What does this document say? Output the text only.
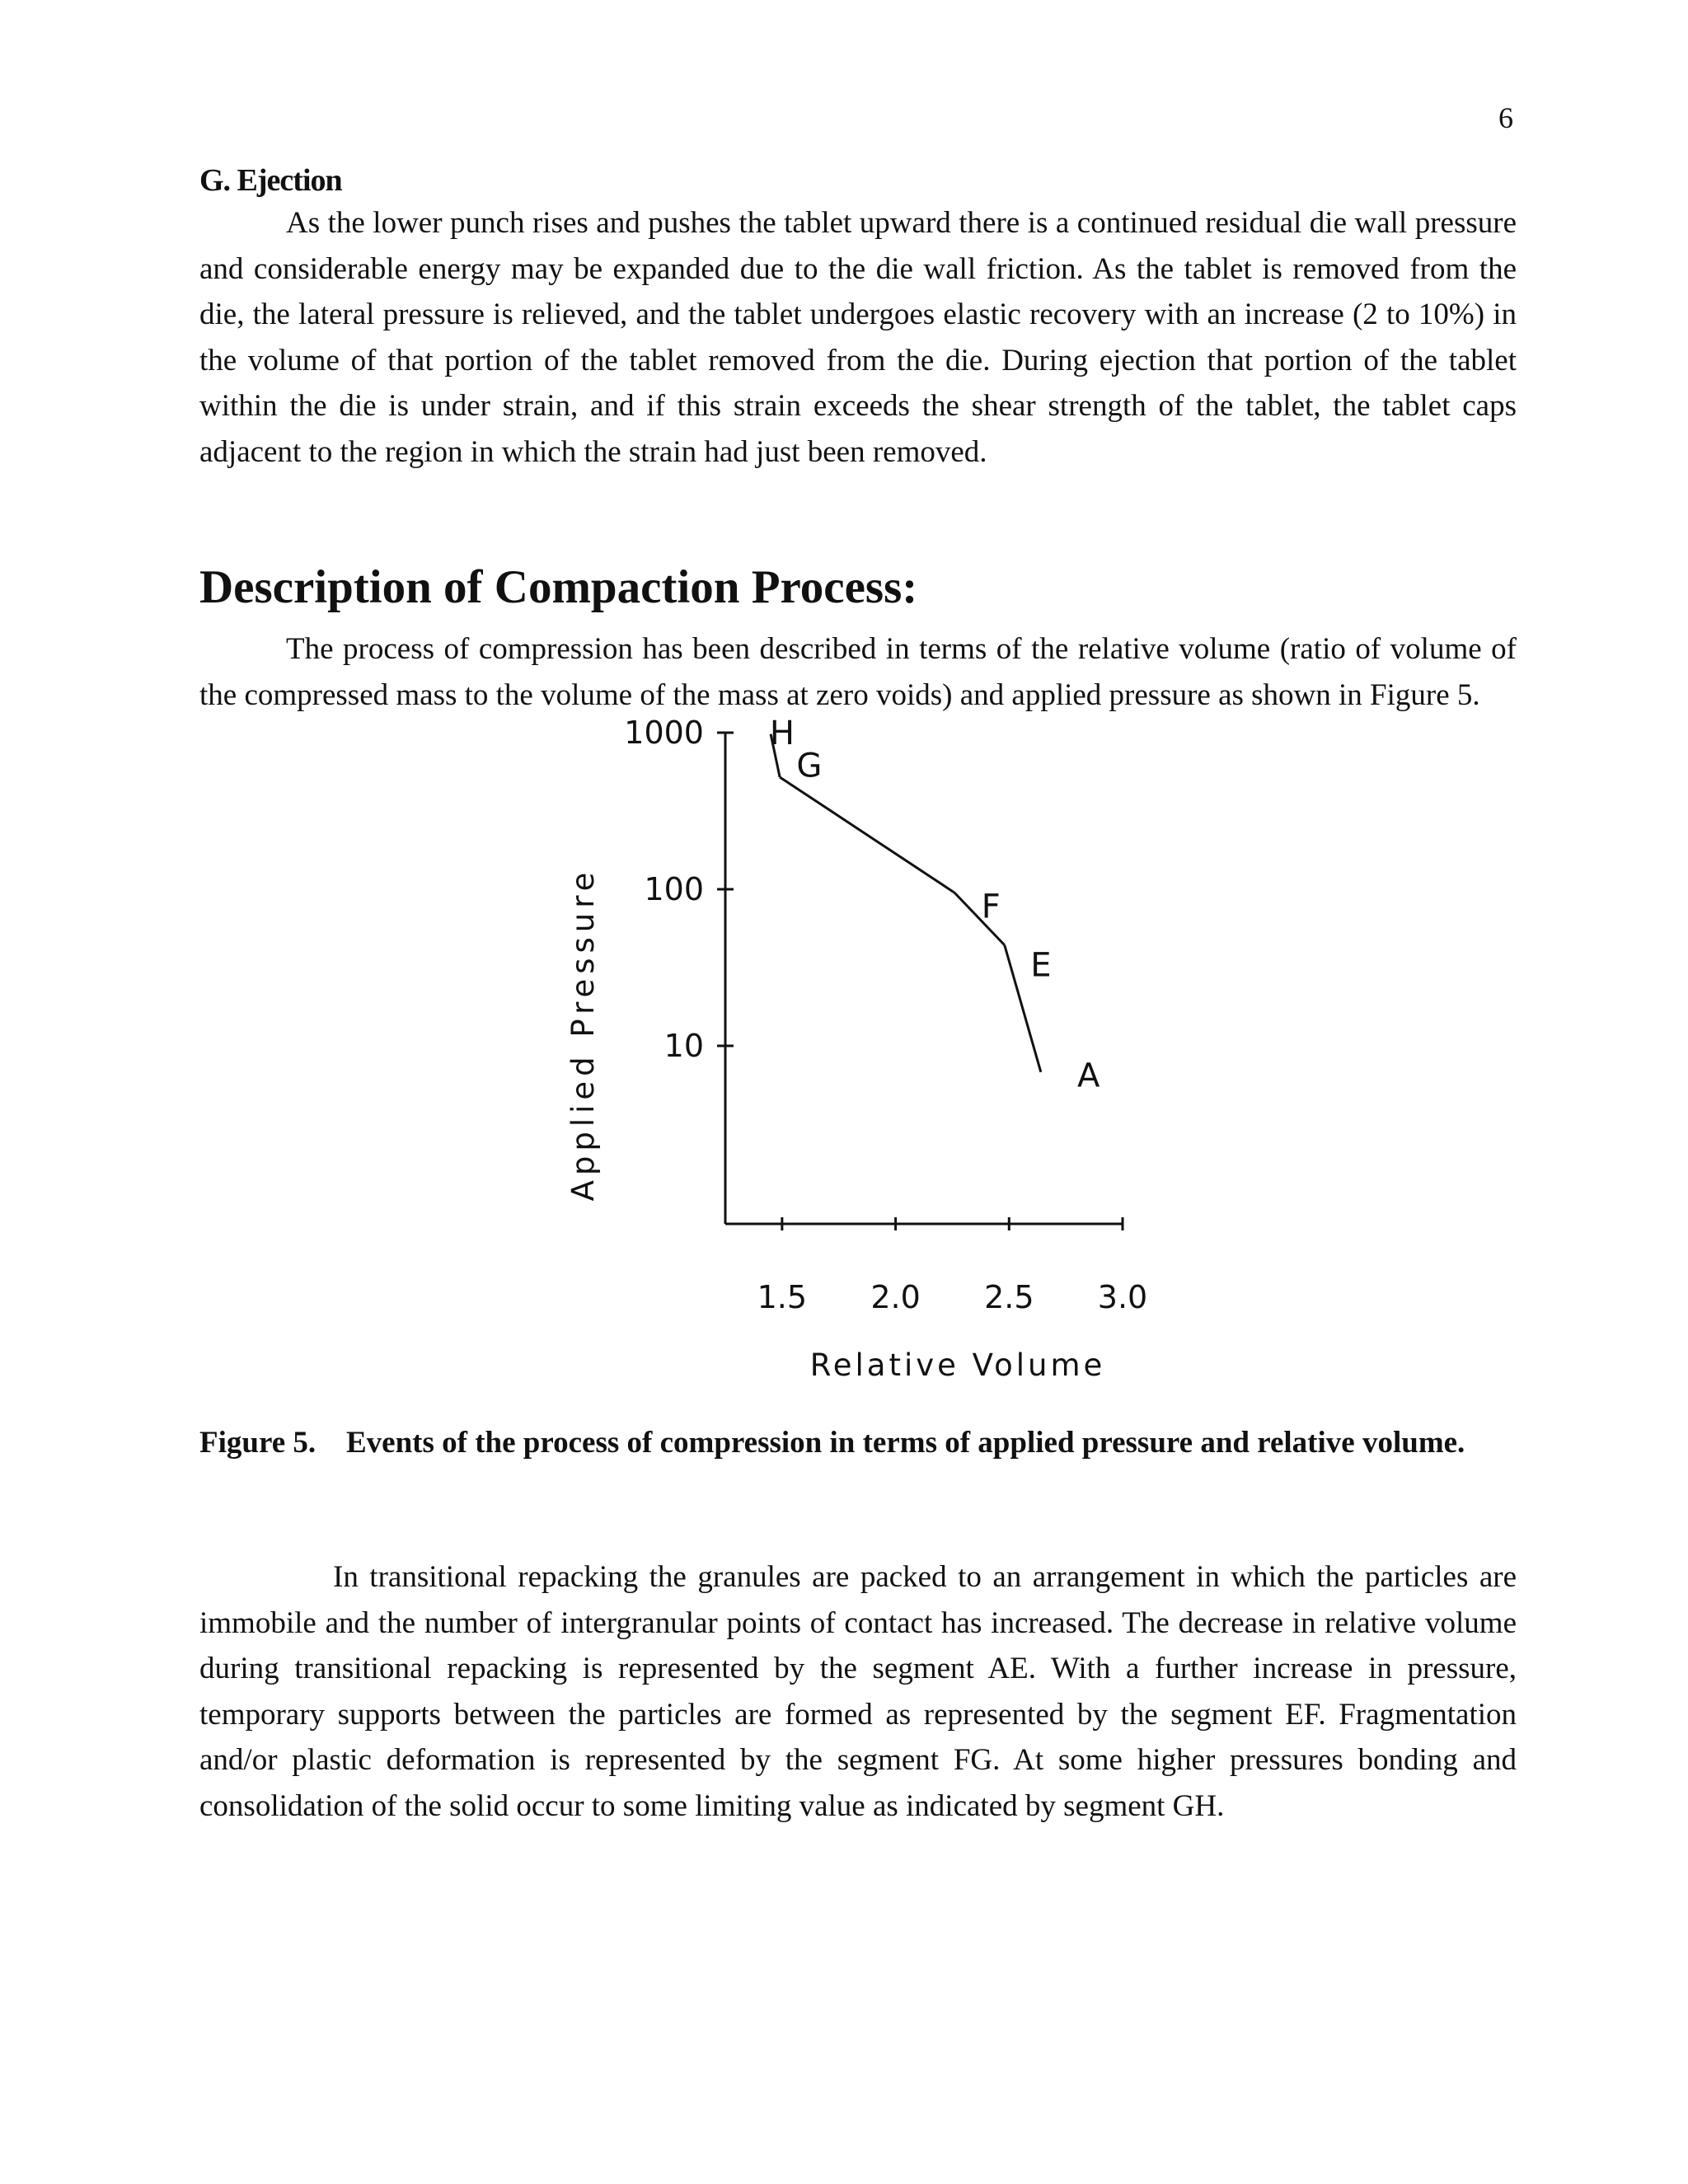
6
G. Ejection

As the lower punch rises and pushes the tablet upward there is a continued residual die wall pressure and considerable energy may be expanded due to the die wall friction. As the tablet is removed from the die, the lateral pressure is relieved, and the tablet undergoes elastic recovery with an increase (2 to 10%) in the volume of that portion of the tablet removed from the die. During ejection that portion of the tablet within the die is under strain, and if this strain exceeds the shear strength of the tablet, the tablet caps adjacent to the region in which the strain had just been removed.

Description of Compaction Process:

The process of compression has been described in terms of the relative volume (ratio of volume of the compressed mass to the volume of the mass at zero voids) and applied pressure as shown in Figure 5.

Applied Pressure
Relative Volume
1000
100
10
1.5 2.0 2.5 3.0
H
G
F
E
A
Figure 5. Events of the process of compression in terms of applied pressure and relative volume.

In transitional repacking the granules are packed to an arrangement in which the particles are immobile and the number of intergranular points of contact has increased. The decrease in relative volume during transitional repacking is represented by the segment AE. With a further increase in pressure, temporary supports between the particles are formed as represented by the segment EF. Fragmentation and/or plastic deformation is represented by the segment FG. At some higher pressures bonding and consolidation of the solid occur to some limiting value as indicated by segment GH.
